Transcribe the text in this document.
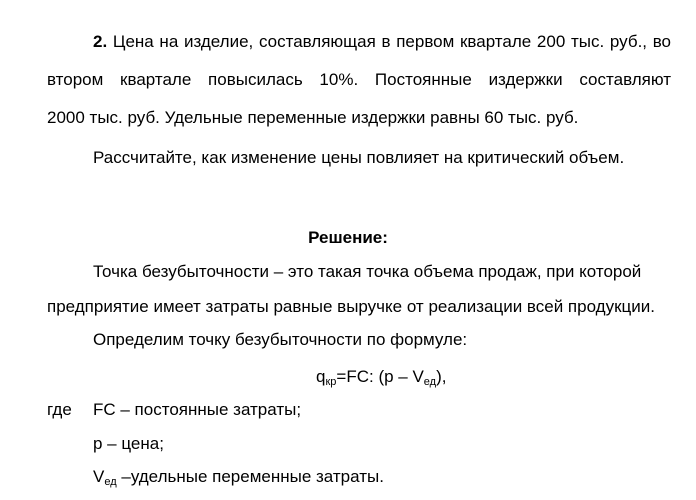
2. Цена на изделие, составляющая в первом квартале 200 тыс. руб., во
втором квартале повысилась 10%. Постоянные издержки составляют
2000 тыс. руб. Удельные переменные издержки равны 60 тыс. руб.
Рассчитайте, как изменение цены повлияет на критический объем.
Решение:
Точка безубыточности – это такая точка объема продаж, при которой
предприятие имеет затраты равные выручке от реализации всей продукции.
Определим точку безубыточности по формуле:
$q_{кр}=FC$: $(p - V_{ед})$,
где FC – постоянные затраты;
p – цена;
$V_{ед}$ –удельные переменные затраты.
